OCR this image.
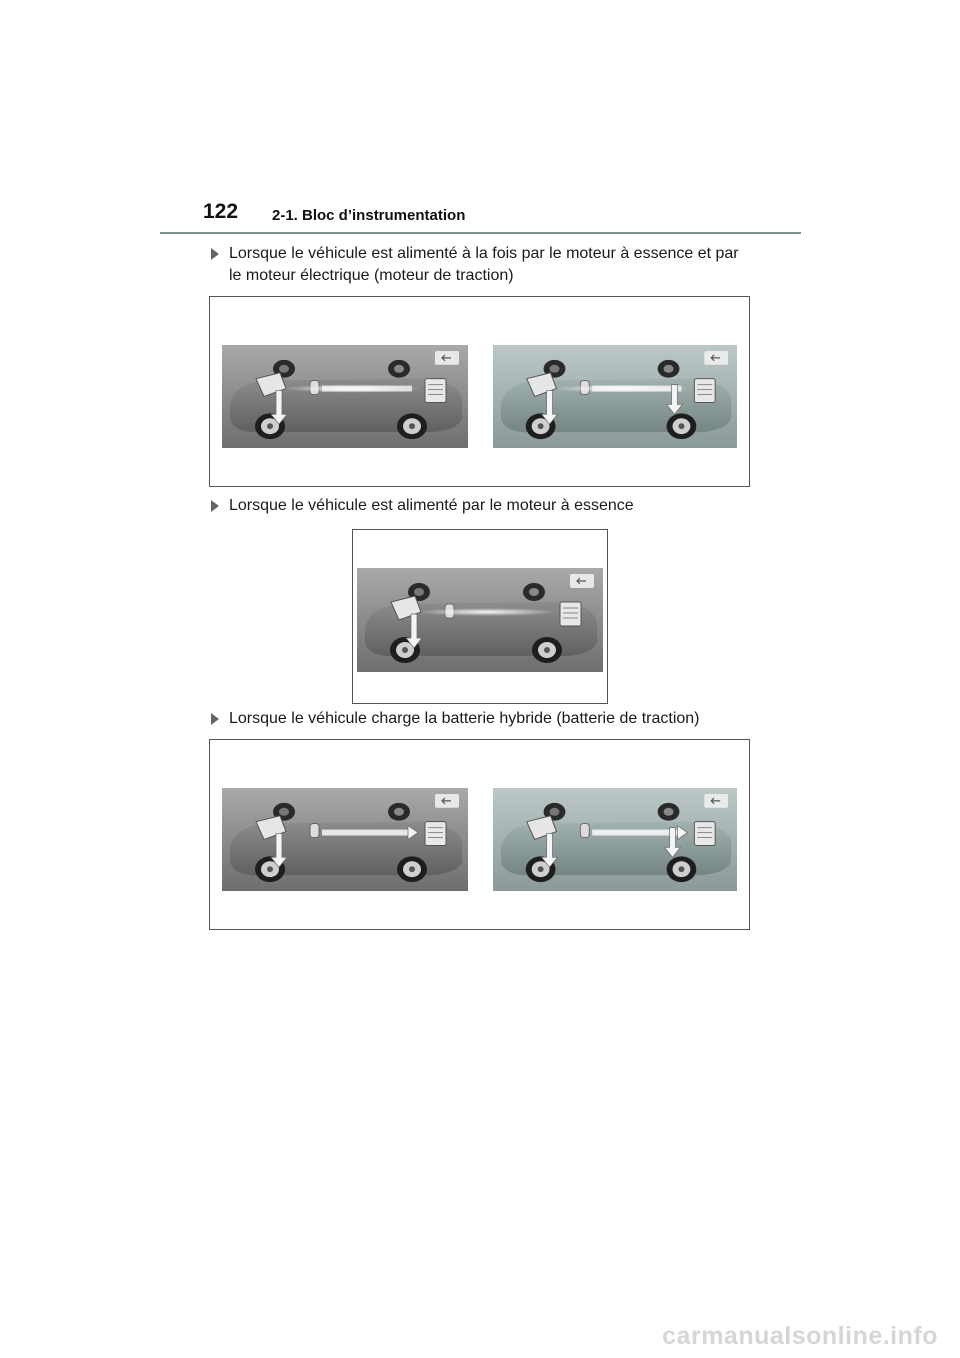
122 2-1. Bloc d’instrumentation
Lorsque le véhicule est alimenté à la fois par le moteur à essence et par le moteur électrique (moteur de traction)
Lorsque le véhicule est alimenté par le moteur à essence
Lorsque le véhicule charge la batterie hybride (batterie de traction)
carmanualsonline.info
